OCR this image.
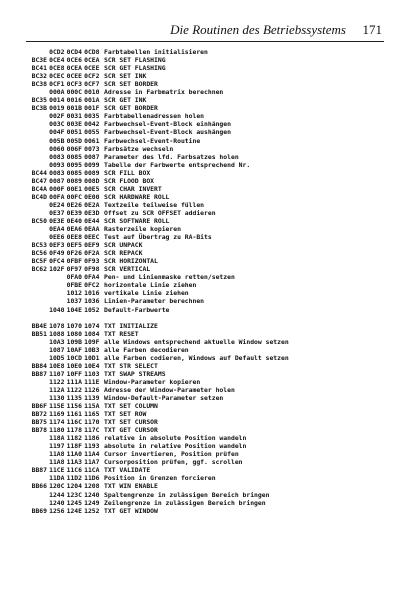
Die Routinen des Betriebssystems 171
0CD2 0CD4 0CD8 Farbtabellen initialisieren
BC3E 0CE4 0CE6 0CEA SCR SET FLASHING
BC41 0CE8 0CEA 0CEE SCR GET FLASHING
BC32 0CEC 0CEE 0CF2 SCR SET INK
BC38 0CF1 0CF3 0CF7 SCR SET BORDER
000A 000C 0010 Adresse in Farbmatrix berechnen
BC35 0014 0016 001A SCR GET INK
BC3B 0019 001B 001F SCR GET BORDER
002F 0031 0035 Farbtabellenadressen holen
003C 003E 0042 Farbwechsel-Event-Block einhängen
004F 0051 0055 Farbwechsel-Event-Block aushängen
005B 005D 0061 Farbwechsel-Event-Routine
0060 006F 0073 Farbsätze wechseln
0083 0085 0087 Parameter des lfd. Farbsatzes holen
0093 0095 0099 Tabelle der Farbwerte entsprechend Nr.
BC44 0083 0085 0089 SCR FILL BOX
BC47 0087 0089 008D SCR FLOOD BOX
BC4A 000F 00E1 00E5 SCR CHAR INVERT
BC4D 00FA 00FC 0E00 SCR HARDWARE ROLL
0E24 0E26 0E2A Textzeile teilweise füllen
0E37 0E39 0E3D Offset zu SCR OFFSET addieren
BC50 0E3E 0E40 0E44 SCR SOFTWARE ROLL
0EA4 0EA6 0EAA Rasterzeile kopieren
0EE6 0EE8 0EEC Test auf Übertrag zu RA-Bits
BC53 0EF3 0EF5 0EF9 SCR UNPACK
BC56 0F49 0F26 0F2A SCR REPACK
BC5F 0FC4 0FBF 0F93 SCR HORIZONTAL
BC62 102F 0F97 0F98 SCR VERTICAL
0FA0 0FA4 Pen- und Linienmaske retten/setzen
0FBE 0FC2 horizontale Linie ziehen
1012 1016 vertikale Linie ziehen
1037 1036 Linien-Parameter berechnen
1040 104E 1052 Default-Farbwerte
BB4E 1078 1070 1074 TXT INITIALIZE
BB51 1088 1080 1084 TXT RESET
10A3 109B 109F alle Windows entsprechend aktuelle Window setzen
1087 10AF 10B3 alle Farben decodieren
10D5 10CD 10D1 alle Farben codieren, Windows auf Default setzen
BB84 10E8 10E0 10E4 TXT STR SELECT
BB87 1107 10FF 1103 TXT SWAP STREAMS
1122 111A 111E Window-Parameter kopieren
112A 1122 1126 Adresse der Window-Parameter holen
1130 1135 1139 Window-Default-Parameter setzen
BB6F 115E 1156 115A TXT SET COLUMN
BB72 1169 1161 1165 TXT SET ROW
BB75 1174 116C 1170 TXT SET CURSOR
BB78 1180 1178 117C TXT GET CURSOR
118A 1182 1186 relative in absolute Position wandeln
1197 118F 1193 absolute in relative Position wandeln
11A8 11A0 11A4 Cursor invertieren, Position prüfen
11A8 11A3 11A7 Cursorposition prüfen, ggf. scrollen
BB87 11CE 11C6 11CA TXT VALIDATE
11DA 11D2 11D6 Position in Grenzen forcieren
BB66 120C 1204 1208 TXT WIN ENABLE
1244 123C 1240 Spaltengrenze in zulässigen Bereich bringen
1240 1245 1249 Zeilengrenze in zulässigen Bereich bringen
BB69 1256 124E 1252 TXT GET WINDOW
